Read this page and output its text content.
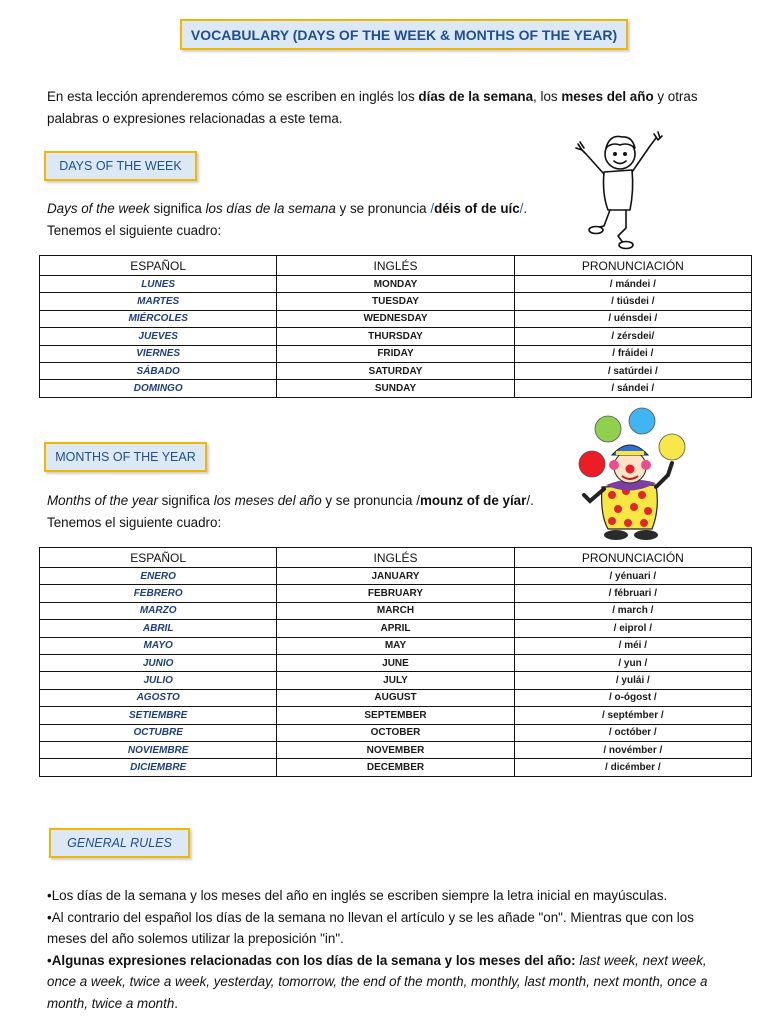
VOCABULARY (DAYS OF THE WEEK & MONTHS OF THE YEAR)

En esta lección aprenderemos cómo se escriben en inglés los días de la semana, los meses del año y otras palabras o expresiones relacionadas a este tema.

DAYS OF THE WEEK

Days of the week significa los días de la semana y se pronuncia /déis of de uíc/.
Tenemos el siguiente cuadro:

ESPAÑOL	INGLÉS	PRONUNCIACIÓN
LUNES	MONDAY	/ mándei /
MARTES	TUESDAY	/ tiúsdei /
MIÉRCOLES	WEDNESDAY	/ uénsdei /
JUEVES	THURSDAY	/ zérsdei/
VIERNES	FRIDAY	/ fráidei /
SÁBADO	SATURDAY	/ satúrdei /
DOMINGO	SUNDAY	/ sándei /
MONTHS OF THE YEAR

Months of the year significa los meses del año y se pronuncia /mounz of de yíar/.
Tenemos el siguiente cuadro:

ESPAÑOL	INGLÉS	PRONUNCIACIÓN
ENERO	JANUARY	/ yénuari /
FEBRERO	FEBRUARY	/ fébruari /
MARZO	MARCH	/ march /
ABRIL	APRIL	/ eiprol /
MAYO	MAY	/ méi /
JUNIO	JUNE	/ yun /
JULIO	JULY	/ yulái /
AGOSTO	AUGUST	/ o-ógost /
SETIEMBRE	SEPTEMBER	/ septémber /
OCTUBRE	OCTOBER	/ octóber /
NOVIEMBRE	NOVEMBER	/ novémber /
DICIEMBRE	DECEMBER	/ dicémber /
GENERAL RULES
• Los días de la semana y los meses del año en inglés se escriben siempre la letra inicial en mayúsculas.
• Al contrario del español los días de la semana no llevan el artículo y se les añade "on". Mientras que con los meses del año solemos utilizar la preposición "in".
• Algunas expresiones relacionadas con los días de la semana y los meses del año: last week, next week, once a week, twice a week, yesterday, tomorrow, the end of the month, monthly, last month, next month, once a month, twice a month.
